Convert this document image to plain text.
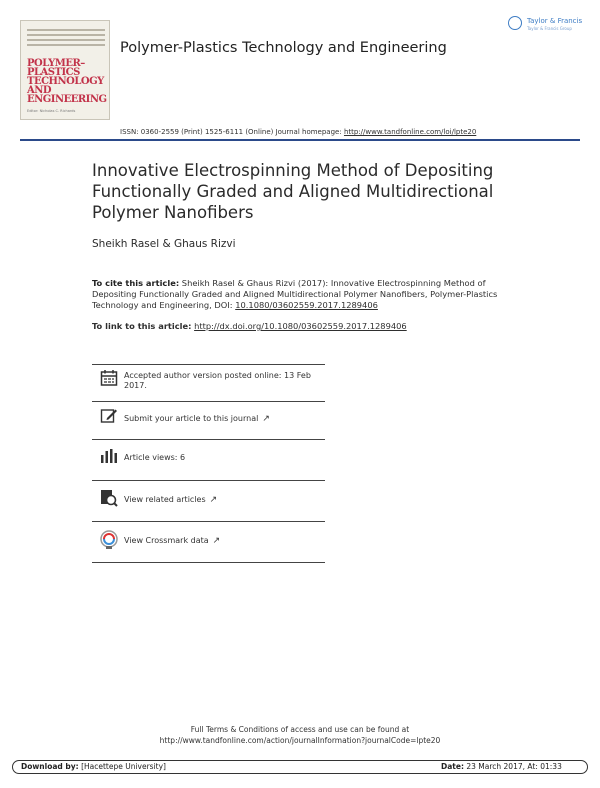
POLYMER–PLASTICS TECHNOLOGY AND ENGINEERING
Editor: Nicholas C. Richards
Polymer-Plastics Technology and Engineering
Taylor & Francis
Taylor & Francis Group
ISSN: 0360-2559 (Print) 1525-6111 (Online) Journal homepage: http://www.tandfonline.com/loi/lpte20
Innovative Electrospinning Method of Depositing Functionally Graded and Aligned Multidirectional Polymer Nanofibers
Sheikh Rasel & Ghaus Rizvi
To cite this article: Sheikh Rasel & Ghaus Rizvi (2017): Innovative Electrospinning Method of Depositing Functionally Graded and Aligned Multidirectional Polymer Nanofibers, Polymer-Plastics Technology and Engineering, DOI: 10.1080/03602559.2017.1289406
To link to this article: http://dx.doi.org/10.1080/03602559.2017.1289406
Accepted author version posted online: 13 Feb 2017.
Submit your article to this journal ↗
Article views: 6
View related articles ↗
View Crossmark data ↗
Full Terms & Conditions of access and use can be found at
http://www.tandfonline.com/action/journalInformation?journalCode=lpte20
Download by: [Hacettepe University]	Date: 23 March 2017, At: 01:33
